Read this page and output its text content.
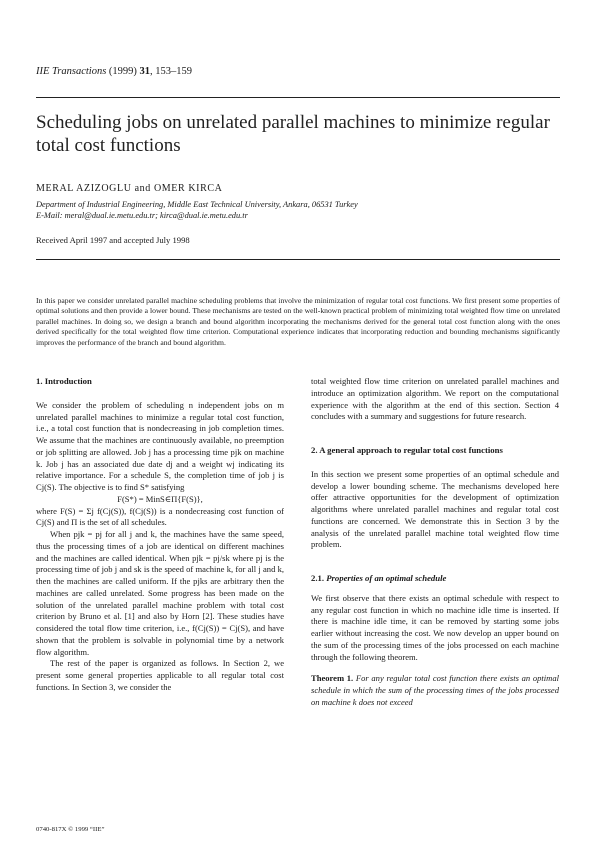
IIE Transactions (1999) 31, 153–159
Scheduling jobs on unrelated parallel machines to minimize regular total cost functions
MERAL AZIZOGLU and OMER KIRCA
Department of Industrial Engineering, Middle East Technical University, Ankara, 06531 Turkey
E-Mail: meral@dual.ie.metu.edu.tr; kirca@dual.ie.metu.edu.tr
Received April 1997 and accepted July 1998
In this paper we consider unrelated parallel machine scheduling problems that involve the minimization of regular total cost functions. We first present some properties of optimal solutions and then provide a lower bound. These mechanisms are tested on the well-known practical problem of minimizing total weighted flow time on unrelated parallel machines. In doing so, we design a branch and bound algorithm incorporating the mechanisms derived for the general total cost function along with the ones derived specifically for the total weighted flow time criterion. Computational experience indicates that incorporating reduction and bounding mechanisms significantly improves the performance of the branch and bound algorithm.

1. Introduction

We consider the problem of scheduling n independent jobs on m unrelated parallel machines to minimize a regular total cost function, i.e., a total cost function that is nondecreasing in job completion times. We assume that the machines are continuously available, no preemption or job splitting are allowed. Job j has a processing time pjk on machine k. Job j has an associated due date dj and a weight wj indicating its relative importance. For a schedule S, the completion time of job j is Cj(S). The objective is to find S* satisfying

F(S*) = MinS∈Π{F(S)},

where F(S) = Σj f(Cj(S)), f(Cj(S)) is a nondecreasing cost function of Cj(S) and Π is the set of all schedules.

When pjk = pj for all j and k, the machines have the same speed, thus the processing times of a job are identical on different machines and the machines are called identical. When pjk = pj/sk where pj is the processing time of job j and sk is the speed of machine k, for all j and k, then the machines are called uniform. If the pjks are arbitrary then the machines are called unrelated. Some progress has been made on the solution of the unrelated parallel machine problem with total cost criterion by Bruno et al. [1] and also by Horn [2]. These studies have considered the total flow time criterion, i.e., f(Cj(S)) = Cj(S), and have shown that the problem is solvable in polynomial time by a network flow algorithm.

The rest of the paper is organized as follows. In Section 2, we present some general properties applicable to all regular total cost functions. In Section 3, we consider the

total weighted flow time criterion on unrelated parallel machines and introduce an optimization algorithm. We report on the computational experience with the algorithm at the end of this section. Section 4 concludes with a summary and suggestions for future research.

2. A general approach to regular total cost functions

In this section we present some properties of an optimal schedule and develop a lower bounding scheme. The mechanisms developed here offer attractive opportunities for the development of optimization algorithms where unrelated parallel machines and regular total cost functions are concerned. We demonstrate this in Section 3 by the analysis of the unrelated parallel machine total weighted flow time problem.

2.1. Properties of an optimal schedule

We first observe that there exists an optimal schedule with respect to any regular cost function in which no machine idle time is inserted. If there is machine idle time, it can be removed by starting some jobs earlier without increasing the cost. We now develop an upper bound on the sum of the processing times of the jobs processed on each machine through the following theorem.

Theorem 1. For any regular total cost function there exists an optimal schedule in which the sum of the processing times of the jobs processed on machine k does not exceed

0740-817X © 1999 “IIE”
